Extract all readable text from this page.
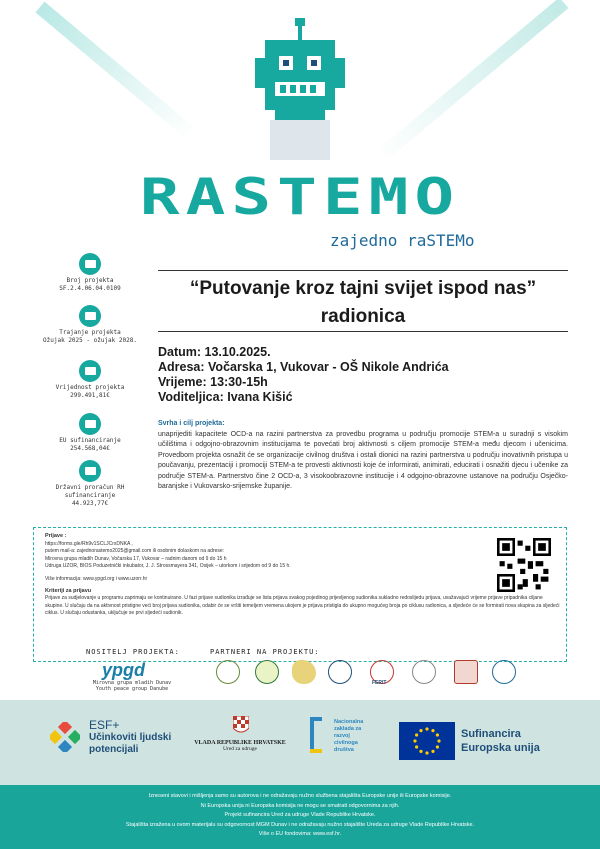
RASTEMO
zajedno raSTEMo
Broj projekta
SF.2.4.06.04.0109
Trajanje projekta
Ožujak 2025 - ožujak 2028.
Vrijednost projekta
299.491,81€
EU sufinanciranje
254.568,04€
Državni proračun RH sufinanciranje
44.923,77€
“Putovanje kroz tajni svijet ispod nas”
radionica
Datum: 13.10.2025.
Adresa: Vočarska 1, Vukovar - OŠ Nikole Andrića
Vrijeme: 13:30-15h
Voditeljica: Ivana Kišić
Svrha i cilj projekta:
unaprijediti kapacitete OCD-a na razini partnerstva za provedbu programa u području promocije STEM-a u suradnji s visokim učilištima i odgojno-obrazovnim institucijama te povećati broj aktivnosti s ciljem promocije STEM-a među djecom i učenicima. Provedbom projekta osnažit će se organizacije civilnog društva i ostali dionici na razini partnerstva u području inovativnih pristupa u poučavanju, prezentaciji i promociji STEM-a te provesti aktivnosti koje će informirati, animirati, educirati i osnažiti djecu i učenike za područje STEM-a. Partnerstvo čine 2 OCD-a, 3 visokoobrazovne institucije i 4 odgojno-obrazovne ustanove na području Osječko-baranjske i Vukovarsko-srijemske županije.
Prijave :
https://forms.gle/Rh9v1SCLJCrxDNKA ,
putem mail-a: zajednorastemo2025@gmail.com ili osobnim dolaskom na adrese:
Mirovna grupa mladih Dunav, Vočarska 17, Vukovar – radnim danom od 9 do 15 h
Udruga UZOR, BIOS Poduzetnički inkubator, J. J. Strossmayera 341, Osijek – utorkom i srijedom od 9 do 15 h.
Više informacija: www.ypgd.org i www.uzorr.hr
Kriteriji za prijavu
Prijave za sudjelovanje u programu zaprimaju se kontinuirano. U fazi prijave sudionika izrađuje se lista prijava svakog pojedinog prijevljenog sudionika sukladno redoslijedu prijava, uvažavajući vrijeme prijave pripadnika ciljane skupine. U slučaju da na aktivnost pristigne veći broj prijava sudionika, odabir će se vršiti temeljem vremena ukojem je prijava pristigla do ukupno mogućeg broja po ciklusu radionica, a sljedeće će se formirati nova skupina za sljedeći ciklus. U slučaju odustanka, uključuje se prvi sljedeći sudionik.
NOSITELJ PROJEKTA:
ypgd
Mirovna grupa mladih Dunav
Youth peace group Danube
PARTNERI NA PROJEKTU:
FERIT
ESF+
Učinkoviti ljudski
potencijali
VLADA REPUBLIKE HRVATSKE
Ured za udruge
Nacionalna
zaklada za
razvoj
civilnoga
društva
Sufinancira
Europska unija
Izneseni stavovi i mišljenja samo su autorova i ne odražavaju nužno službena stajališta Europske unije ili Europske komisije.
Ni Europska unija ni Europska komisija ne mogu se smatrati odgovornima za njih.
Projekt sufinancira Ured za udruge Vlade Republike Hrvatske.
Stajališta izražena u ovom materijalu su odgovornost MGM Dunav i ne odražavaju nužno stajalište Ureda za udruge Vlade Republike Hrvatske.
Više o EU fondovima: www.esf.hr.
